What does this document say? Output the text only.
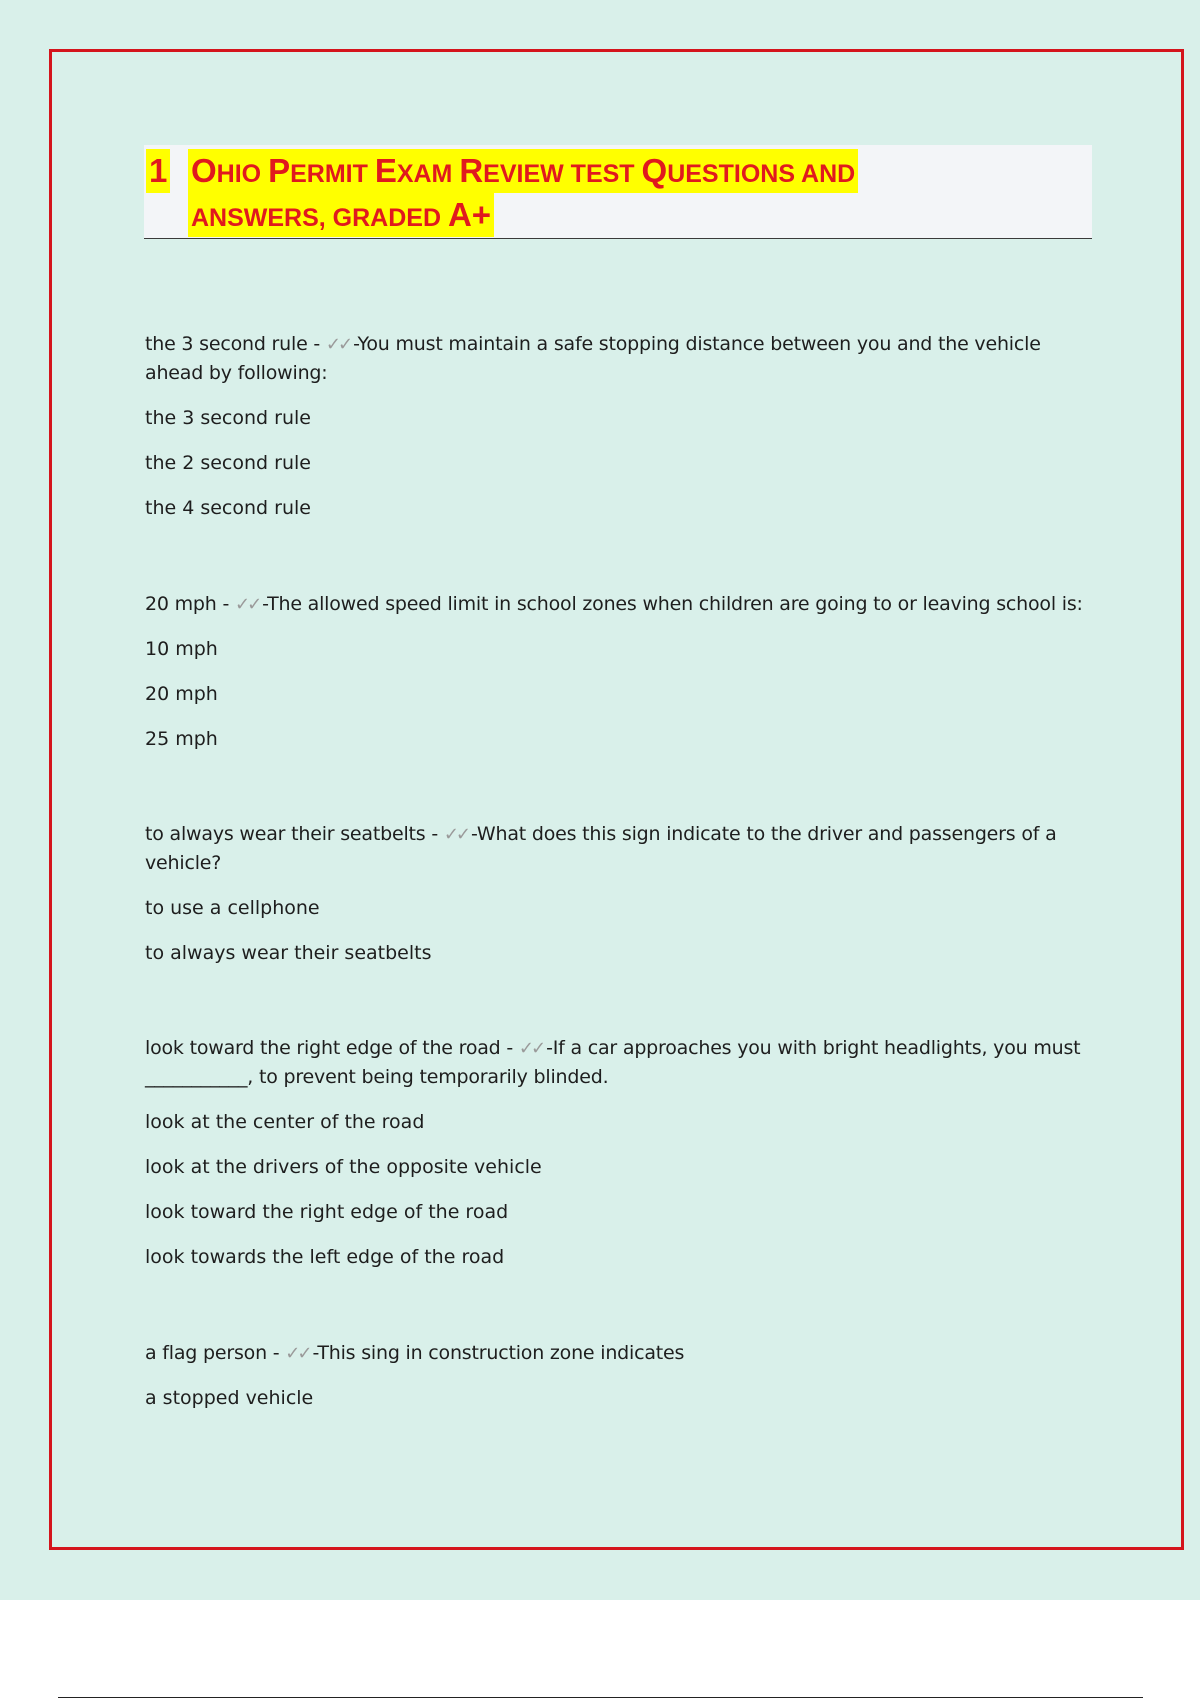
1 OHIO PERMIT EXAM REVIEW TEST QUESTIONS AND
ANSWERS, GRADED A+

the 3 second rule - ✓✓ -You must maintain a safe stopping distance between you and the vehicle ahead by following:

the 3 second rule
the 2 second rule
the 4 second rule

20 mph - ✓✓ -The allowed speed limit in school zones when children are going to or leaving school is:

10 mph
20 mph
25 mph

to always wear their seatbelts - ✓✓ -What does this sign indicate to the driver and passengers of a vehicle?

to use a cellphone
to always wear their seatbelts

look toward the right edge of the road - ✓✓ -If a car approaches you with bright headlights, you must ___________, to prevent being temporarily blinded.

look at the center of the road
look at the drivers of the opposite vehicle
look toward the right edge of the road
look towards the left edge of the road

a flag person - ✓✓ -This sing in construction zone indicates

a stopped vehicle
